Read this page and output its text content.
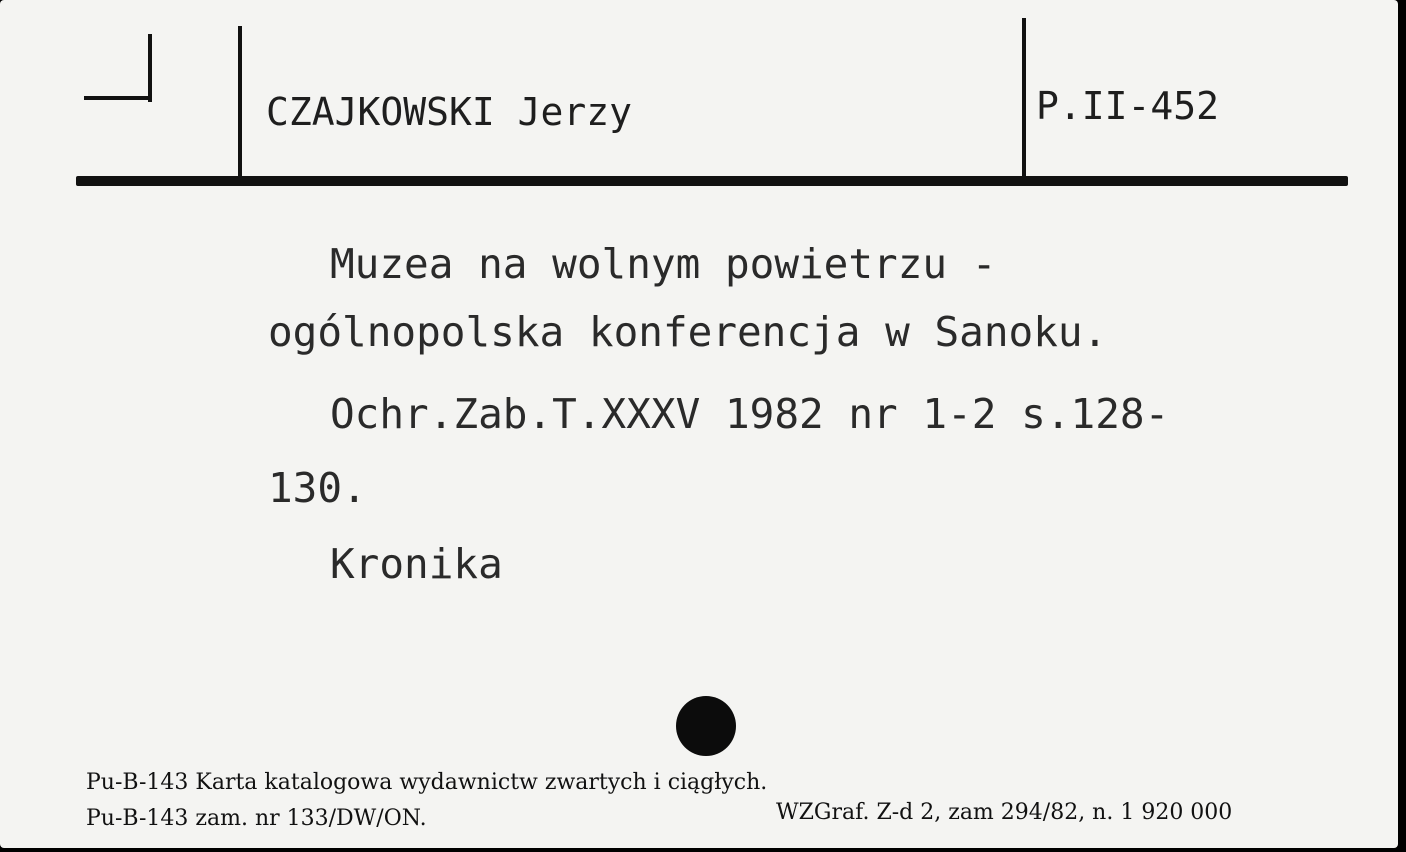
CZAJKOWSKI Jerzy	P.II-452
Muzea na wolnym powietrzu -
ogólnopolska konferencja w Sanoku.
Ochr.Zab.T.XXXV 1982 nr 1-2 s.128-
130.
Kronika
Pu-B-143 Karta katalogowa wydawnictw zwartych i ciągłych.
Pu-B-143 zam. nr 133/DW/ON.	WZGraf. Z-d 2, zam 294/82, n. 1 920 000
